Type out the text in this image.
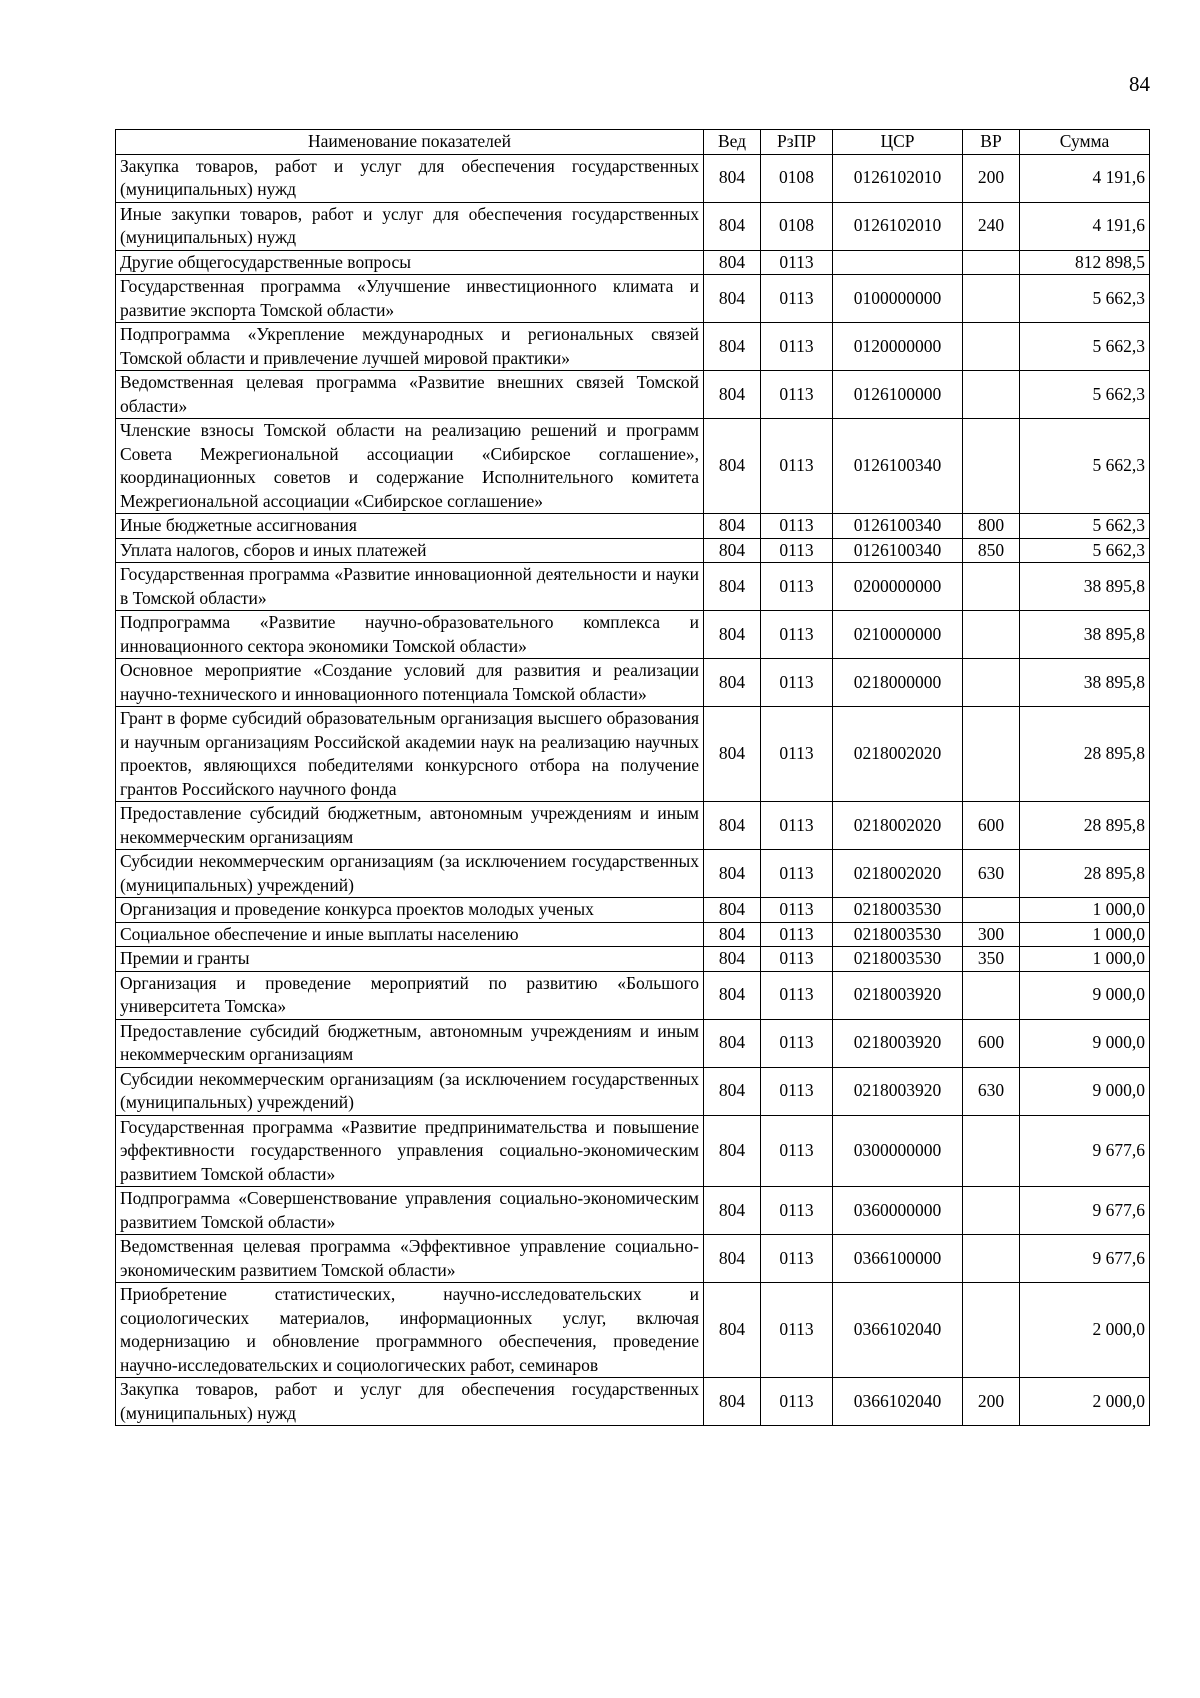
84
Наименование показателей	Вед	РзПР	ЦСР	ВР	Сумма
Закупка товаров, работ и услуг для обеспечения государственных (муниципальных) нужд	804	0108	0126102010	200	4 191,6
Иные закупки товаров, работ и услуг для обеспечения государственных (муниципальных) нужд	804	0108	0126102010	240	4 191,6
Другие общегосударственные вопросы	804	0113			812 898,5
Государственная программа «Улучшение инвестиционного климата и развитие экспорта Томской области»	804	0113	0100000000		5 662,3
Подпрограмма «Укрепление международных и региональных связей Томской области и привлечение лучшей мировой практики»	804	0113	0120000000		5 662,3
Ведомственная целевая программа «Развитие внешних связей Томской области»	804	0113	0126100000		5 662,3
Членские взносы Томской области на реализацию решений и программ Совета Межрегиональной ассоциации «Сибирское соглашение», координационных советов и содержание Исполнительного комитета Межрегиональной ассоциации «Сибирское соглашение»	804	0113	0126100340		5 662,3
Иные бюджетные ассигнования	804	0113	0126100340	800	5 662,3
Уплата налогов, сборов и иных платежей	804	0113	0126100340	850	5 662,3
Государственная программа «Развитие инновационной деятельности и науки в Томской области»	804	0113	0200000000		38 895,8
Подпрограмма «Развитие научно-образовательного комплекса и инновационного сектора экономики Томской области»	804	0113	0210000000		38 895,8
Основное мероприятие «Создание условий для развития и реализации научно-технического и инновационного потенциала Томской области»	804	0113	0218000000		38 895,8
Грант в форме субсидий образовательным организация высшего образования и научным организациям Российской академии наук на реализацию научных проектов, являющихся победителями конкурсного отбора на получение грантов Российского научного фонда	804	0113	0218002020		28 895,8
Предоставление субсидий бюджетным, автономным учреждениям и иным некоммерческим организациям	804	0113	0218002020	600	28 895,8
Субсидии некоммерческим организациям (за исключением государственных (муниципальных) учреждений)	804	0113	0218002020	630	28 895,8
Организация и проведение конкурса проектов молодых ученых	804	0113	0218003530		1 000,0
Социальное обеспечение и иные выплаты населению	804	0113	0218003530	300	1 000,0
Премии и гранты	804	0113	0218003530	350	1 000,0
Организация и проведение мероприятий по развитию «Большого университета Томска»	804	0113	0218003920		9 000,0
Предоставление субсидий бюджетным, автономным учреждениям и иным некоммерческим организациям	804	0113	0218003920	600	9 000,0
Субсидии некоммерческим организациям (за исключением государственных (муниципальных) учреждений)	804	0113	0218003920	630	9 000,0
Государственная программа «Развитие предпринимательства и повышение эффективности государственного управления социально-экономическим развитием Томской области»	804	0113	0300000000		9 677,6
Подпрограмма «Совершенствование управления социально-экономическим развитием Томской области»	804	0113	0360000000		9 677,6
Ведомственная целевая программа «Эффективное управление социально-экономическим развитием Томской области»	804	0113	0366100000		9 677,6
Приобретение статистических, научно-исследовательских и социологических материалов, информационных услуг, включая модернизацию и обновление программного обеспечения, проведение научно-исследовательских и социологических работ, семинаров	804	0113	0366102040		2 000,0
Закупка товаров, работ и услуг для обеспечения государственных (муниципальных) нужд	804	0113	0366102040	200	2 000,0
